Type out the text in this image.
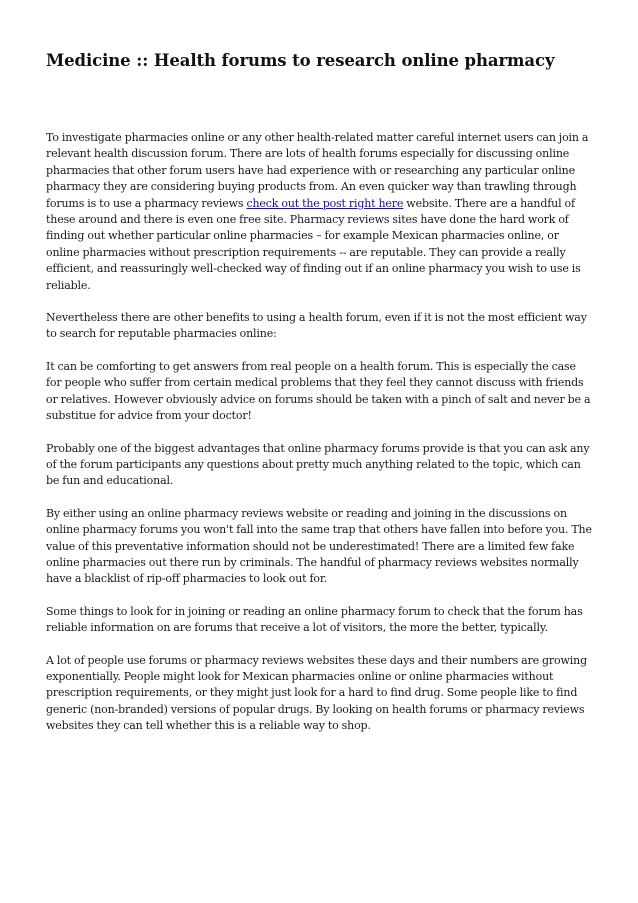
Medicine :: Health forums to research online pharmacy

To investigate pharmacies online or any other health-related matter careful internet users can join a relevant health discussion forum. There are lots of health forums especially for discussing online pharmacies that other forum users have had experience with or researching any particular online pharmacy they are considering buying products from. An even quicker way than trawling through forums is to use a pharmacy reviews check out the post right here website. There are a handful of these around and there is even one free site. Pharmacy reviews sites have done the hard work of finding out whether particular online pharmacies – for example Mexican pharmacies online, or online pharmacies without prescription requirements -- are reputable. They can provide a really efficient, and reassuringly well-checked way of finding out if an online pharmacy you wish to use is reliable.

Nevertheless there are other benefits to using a health forum, even if it is not the most efficient way to search for reputable pharmacies online:

It can be comforting to get answers from real people on a health forum. This is especially the case for people who suffer from certain medical problems that they feel they cannot discuss with friends or relatives. However obviously advice on forums should be taken with a pinch of salt and never be a substitue for advice from your doctor!

Probably one of the biggest advantages that online pharmacy forums provide is that you can ask any of the forum participants any questions about pretty much anything related to the topic, which can be fun and educational.

By either using an online pharmacy reviews website or reading and joining in the discussions on online pharmacy forums you won't fall into the same trap that others have fallen into before you. The value of this preventative information should not be underestimated! There are a limited few fake online pharmacies out there run by criminals. The handful of pharmacy reviews websites normally have a blacklist of rip-off pharmacies to look out for.

Some things to look for in joining or reading an online pharmacy forum to check that the forum has reliable information on are forums that receive a lot of visitors, the more the better, typically.

A lot of people use forums or pharmacy reviews websites these days and their numbers are growing exponentially. People might look for Mexican pharmacies online or online pharmacies without prescription requirements, or they might just look for a hard to find drug. Some people like to find generic (non-branded) versions of popular drugs. By looking on health forums or pharmacy reviews websites they can tell whether this is a reliable way to shop.
